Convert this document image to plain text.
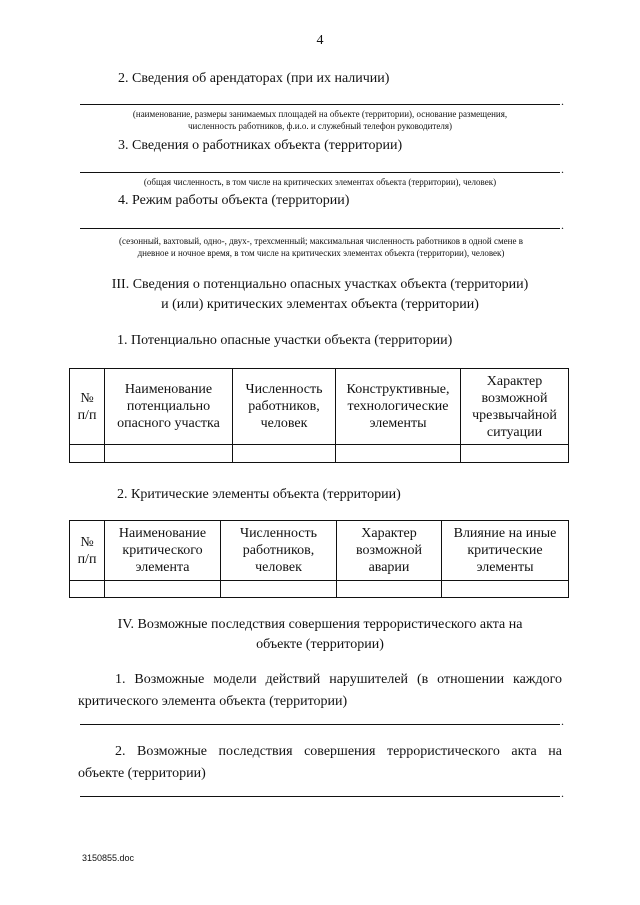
4
2. Сведения об арендаторах (при их наличии)
.
(наименование, размеры занимаемых площадей на объекте (территории), основание размещения,
численность работников, ф.и.о. и служебный телефон руководителя)
3. Сведения о работниках объекта (территории)
.
(общая численность, в том числе на критических элементах объекта (территории), человек)
4. Режим работы объекта (территории)
.
(сезонный, вахтовый, одно-, двух-, трехсменный; максимальная численность работников в одной смене в
дневное и ночное время, в том числе на критических элементах объекта (территории), человек)
III. Сведения о потенциально опасных участках объекта (территории)
и (или) критических элементах объекта (территории)
1. Потенциально опасные участки объекта (территории)
№
п/п	Наименование
потенциально
опасного участка	Численность
работников,
человек	Конструктивные,
технологические
элементы	Характер
возможной
чрезвычайной
ситуации

2. Критические элементы объекта (территории)
№
п/п	Наименование
критического
элемента	Численность
работников,
человек	Характер
возможной
аварии	Влияние на иные
критические
элементы

IV. Возможные последствия совершения террористического акта на
объекте (территории)
1. Возможные модели действий нарушителей (в отношении каждого критического элемента объекта (территории)
.
2. Возможные последствия совершения террористического акта на объекте (территории)
.
3150855.doc
